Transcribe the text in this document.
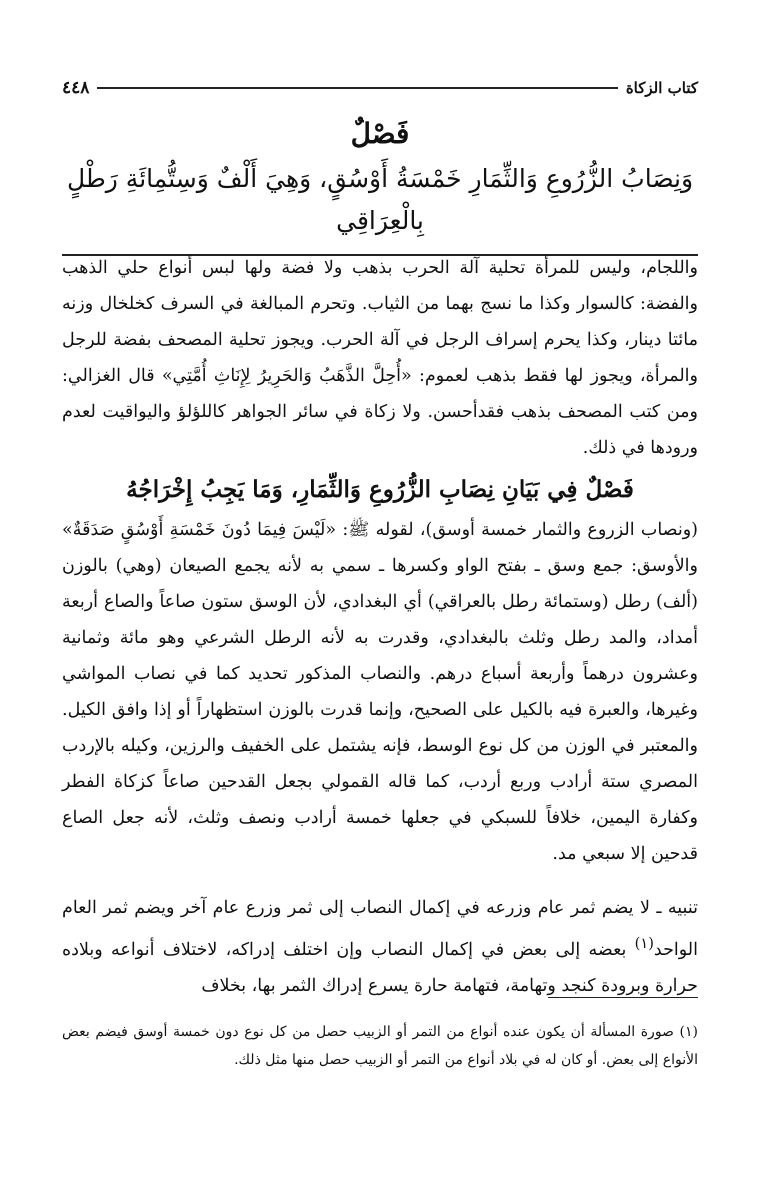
كتاب الزكاة
٤٤٨
فَصْلٌ
وَنِصَابُ الزُّرُوعِ وَالثِّمَارِ خَمْسَةُ أَوْسُقٍ، وَهِيَ أَلْفٌ وَسِتُّمِائَةِ رَطْلٍ بِالْعِرَاقِي

واللجام، وليس للمرأة تحلية آلة الحرب بذهب ولا فضة ولها لبس أنواع حلي الذهب والفضة: كالسوار وكذا ما نسج بهما من الثياب. وتحرم المبالغة في السرف كخلخال وزنه مائتا دينار، وكذا يحرم إسراف الرجل في آلة الحرب. ويجوز تحلية المصحف بفضة للرجل والمرأة، ويجوز لها فقط بذهب لعموم: «أُحِلَّ الذَّهَبُ وَالحَرِيرُ لِإِنَاثِ أُمَّتِي» قال الغزالي: ومن كتب المصحف بذهب فقدأحسن. ولا زكاة في سائر الجواهر كاللؤلؤ واليواقيت لعدم ورودها في ذلك.

فَصْلٌ فِي بَيَانِ نِصَابِ الزُّرُوعِ وَالثِّمَارِ، وَمَا يَجِبُ إِخْرَاجُهُ

(ونصاب الزروع والثمار خمسة أوسق)، لقوله ﷺ: «لَيْسَ فِيمَا دُونَ خَمْسَةِ أَوْسُقٍ صَدَقَةٌ» والأوسق: جمع وسق ـ بفتح الواو وكسرها ـ سمي به لأنه يجمع الصيعان (وهي) بالوزن (ألف) رطل (وستمائة رطل بالعراقي) أي البغدادي، لأن الوسق ستون صاعاً والصاع أربعة أمداد، والمد رطل وثلث بالبغدادي، وقدرت به لأنه الرطل الشرعي وهو مائة وثمانية وعشرون درهماً وأربعة أسباع درهم. والنصاب المذكور تحديد كما في نصاب المواشي وغيرها، والعبرة فيه بالكيل على الصحيح، وإنما قدرت بالوزن استظهاراً أو إذا وافق الكيل. والمعتبر في الوزن من كل نوع الوسط، فإنه يشتمل على الخفيف والرزين، وكيله بالإردب المصري ستة أرادب وربع أردب، كما قاله القمولي بجعل القدحين صاعاً كزكاة الفطر وكفارة اليمين، خلافاً للسبكي في جعلها خمسة أرادب ونصف وثلث، لأنه جعل الصاع قدحين إلا سبعي مد.

تنبيه ـ لا يضم ثمر عام وزرعه في إكمال النصاب إلى ثمر وزرع عام آخر ويضم ثمر العام الواحد$^{(١)}$ بعضه إلى بعض في إكمال النصاب وإن اختلف إدراكه، لاختلاف أنواعه وبلاده حرارة وبرودة كنجد وتهامة، فتهامة حارة يسرع إدراك الثمر بها، بخلاف

(١) صورة المسألة أن يكون عنده أنواع من التمر أو الزبيب حصل من كل نوع دون خمسة أوسق فيضم بعض الأنواع إلى بعض. أو كان له في بلاد أنواع من التمر أو الزبيب حصل منها مثل ذلك.
